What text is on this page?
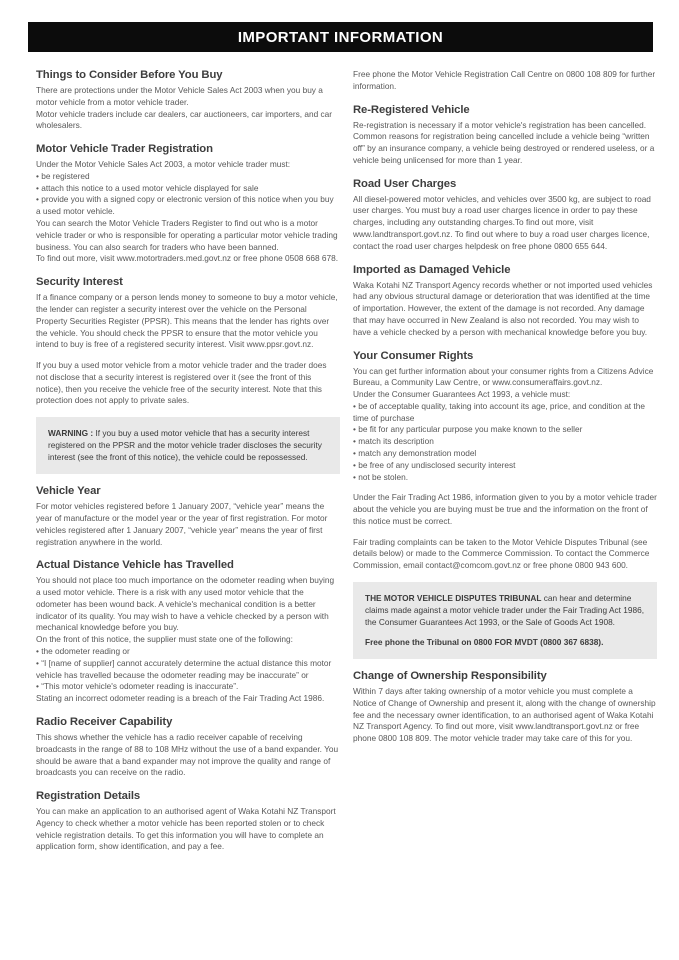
IMPORTANT INFORMATION
Things to Consider Before You Buy
There are protections under the Motor Vehicle Sales Act 2003 when you buy a motor vehicle from a motor vehicle trader.
Motor vehicle traders include car dealers, car auctioneers, car importers, and car wholesalers.
Motor Vehicle Trader Registration
Under the Motor Vehicle Sales Act 2003, a motor vehicle trader must:
• be registered
• attach this notice to a used motor vehicle displayed for sale
• provide you with a signed copy or electronic version of this notice when you buy a used motor vehicle.
You can search the Motor Vehicle Traders Register to find out who is a motor vehicle trader or who is responsible for operating a particular motor vehicle trading business. You can also search for traders who have been banned.
To find out more, visit www.motortraders.med.govt.nz or free phone 0508 668 678.
Security Interest
If a finance company or a person lends money to someone to buy a motor vehicle, the lender can register a security interest over the vehicle on the Personal Property Securities Register (PPSR). This means that the lender has rights over the vehicle. You should check the PPSR to ensure that the motor vehicle you intend to buy is free of a registered security interest. Visit www.ppsr.govt.nz.
If you buy a used motor vehicle from a motor vehicle trader and the trader does not disclose that a security interest is registered over it (see the front of this notice), then you receive the vehicle free of the security interest. Note that this protection does not apply to private sales.
WARNING : If you buy a used motor vehicle that has a security interest registered on the PPSR and the motor vehicle trader discloses the security interest (see the front of this notice), the vehicle could be repossessed.
Vehicle Year
For motor vehicles registered before 1 January 2007, “vehicle year” means the year of manufacture or the model year or the year of first registration. For motor vehicles registered after 1 January 2007, “vehicle year” means the year of first registration anywhere in the world.
Actual Distance Vehicle has Travelled
You should not place too much importance on the odometer reading when buying a used motor vehicle. There is a risk with any used motor vehicle that the odometer has been wound back. A vehicle's mechanical condition is a better indicator of its quality. You may wish to have a vehicle checked by a person with mechanical knowledge before you buy.
On the front of this notice, the supplier must state one of the following:
• the odometer reading or
• “I [name of supplier] cannot accurately determine the actual distance this motor vehicle has travelled because the odometer reading may be inaccurate” or
• “This motor vehicle's odometer reading is inaccurate”.
Stating an incorrect odometer reading is a breach of the Fair Trading Act 1986.
Radio Receiver Capability
This shows whether the vehicle has a radio receiver capable of receiving broadcasts in the range of 88 to 108 MHz without the use of a band expander. You should be aware that a band expander may not improve the quality and range of broadcasts you can receive on the radio.
Registration Details
You can make an application to an authorised agent of Waka Kotahi NZ Transport Agency to check whether a motor vehicle has been reported stolen or to check vehicle registration details. To get this information you will have to complete an application form, show identification, and pay a fee.
Free phone the Motor Vehicle Registration Call Centre on 0800 108 809 for further information.
Re-Registered Vehicle
Re-registration is necessary if a motor vehicle's registration has been cancelled. Common reasons for registration being cancelled include a vehicle being “written off” by an insurance company, a vehicle being destroyed or rendered useless, or a vehicle being unlicensed for more than 1 year.
Road User Charges
All diesel-powered motor vehicles, and vehicles over 3500 kg, are subject to road user charges. You must buy a road user charges licence in order to pay these charges, including any outstanding charges.To find out more, visit www.landtransport.govt.nz. To find out where to buy a road user charges licence, contact the road user charges helpdesk on free phone 0800 655 644.
Imported as Damaged Vehicle
Waka Kotahi NZ Transport Agency records whether or not imported used vehicles had any obvious structural damage or deterioration that was identified at the time of importation. However, the extent of the damage is not recorded. Any damage that may have occurred in New Zealand is also not recorded. You may wish to have a vehicle checked by a person with mechanical knowledge before you buy.
Your Consumer Rights
You can get further information about your consumer rights from a Citizens Advice Bureau, a Community Law Centre, or www.consumeraffairs.govt.nz.
Under the Consumer Guarantees Act 1993, a vehicle must:
• be of acceptable quality, taking into account its age, price, and condition at the time of purchase
• be fit for any particular purpose you make known to the seller
• match its description
• match any demonstration model
• be free of any undisclosed security interest
• not be stolen.
Under the Fair Trading Act 1986, information given to you by a motor vehicle trader about the vehicle you are buying must be true and the information on the front of this notice must be correct.
Fair trading complaints can be taken to the Motor Vehicle Disputes Tribunal (see details below) or made to the Commerce Commission. To contact the Commerce Commission, email contact@comcom.govt.nz or free phone 0800 943 600.
THE MOTOR VEHICLE DISPUTES TRIBUNAL can hear and determine claims made against a motor vehicle trader under the Fair Trading Act 1986, the Consumer Guarantees Act 1993, or the Sale of Goods Act 1908.
Free phone the Tribunal on 0800 FOR MVDT (0800 367 6838).
Change of Ownership Responsibility
Within 7 days after taking ownership of a motor vehicle you must complete a Notice of Change of Ownership and present it, along with the change of ownership fee and the necessary owner identification, to an authorised agent of Waka Kotahi NZ Transport Agency. To find out more, visit www.landtransport.govt.nz or free phone 0800 108 809. The motor vehicle trader may take care of this for you.
